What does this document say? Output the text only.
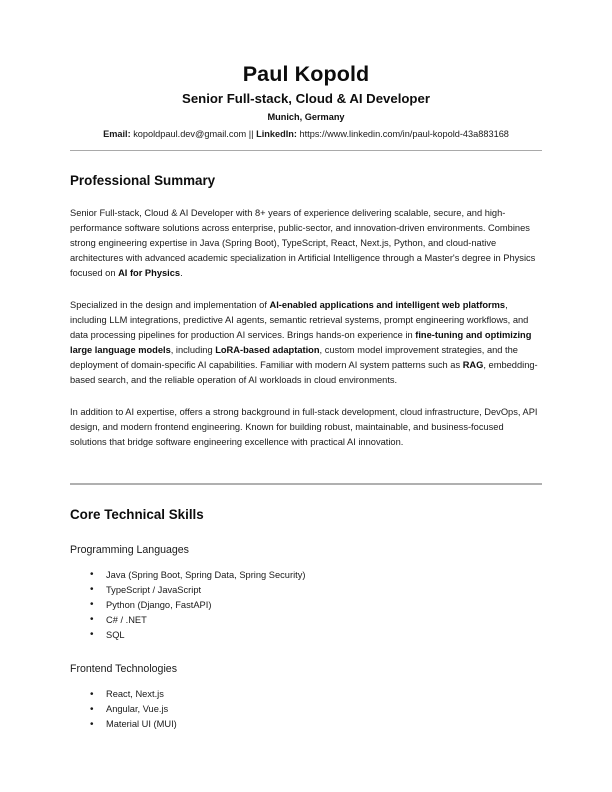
Paul Kopold
Senior Full-stack, Cloud & AI Developer
Munich, Germany
Email: kopoldpaul.dev@gmail.com || LinkedIn: https://www.linkedin.com/in/paul-kopold-43a883168
Professional Summary

Senior Full-stack, Cloud & AI Developer with 8+ years of experience delivering scalable, secure, and high-performance software solutions across enterprise, public-sector, and innovation-driven environments. Combines strong engineering expertise in Java (Spring Boot), TypeScript, React, Next.js, Python, and cloud-native architectures with advanced academic specialization in Artificial Intelligence through a Master's degree in Physics focused on AI for Physics.

Specialized in the design and implementation of AI-enabled applications and intelligent web platforms, including LLM integrations, predictive AI agents, semantic retrieval systems, prompt engineering workflows, and data processing pipelines for production AI services. Brings hands-on experience in fine-tuning and optimizing large language models, including LoRA-based adaptation, custom model improvement strategies, and the deployment of domain-specific AI capabilities. Familiar with modern AI system patterns such as RAG, embedding-based search, and the reliable operation of AI workloads in cloud environments.

In addition to AI expertise, offers a strong background in full-stack development, cloud infrastructure, DevOps, API design, and modern frontend engineering. Known for building robust, maintainable, and business-focused solutions that bridge software engineering excellence with practical AI innovation.

Core Technical Skills
Programming Languages
• Java (Spring Boot, Spring Data, Spring Security)
• TypeScript / JavaScript
• Python (Django, FastAPI)
• C# / .NET
• SQL
Frontend Technologies
• React, Next.js
• Angular, Vue.js
• Material UI (MUI)
